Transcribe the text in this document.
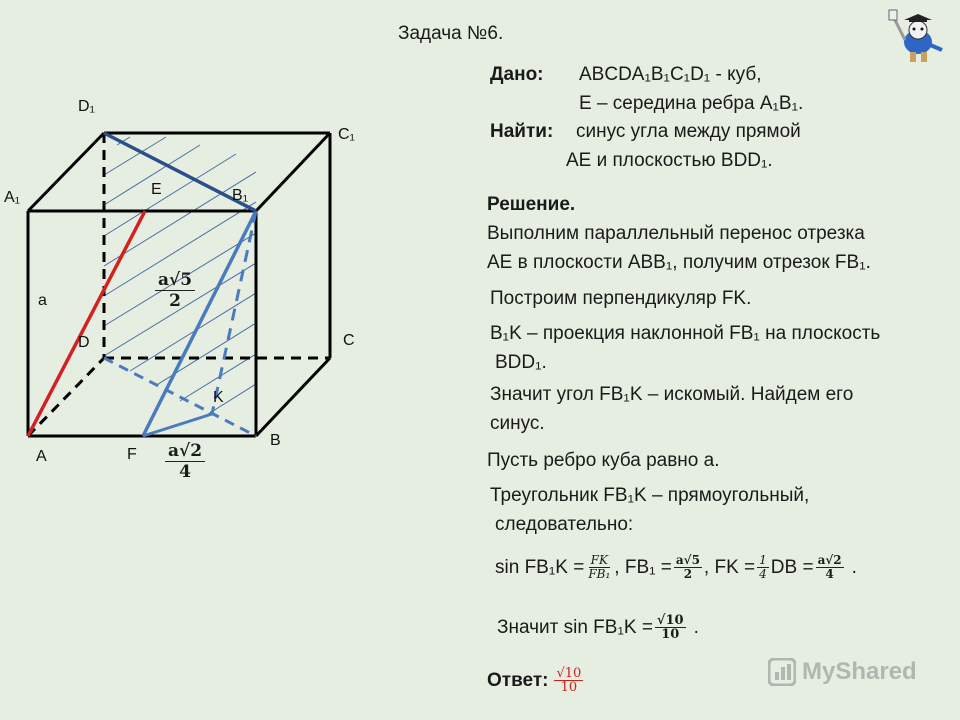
D₁
C₁
A₁	E	B₁
a
D	C
K
B
A	F
$\frac{a√5}{2}$
$\frac{a√2}{4}$
Задача №6.
Дано: ABCDA₁B₁C₁D₁ - куб,
E – середина ребра A₁B₁.
Найти: синус угла между прямой
AE и плоскостью BDD₁.
Решение.
Выполним параллельный перенос отрезка
AE в плоскости ABB₁, получим отрезок FB₁.
Построим перпендикуляр FK.
B₁K – проекция наклонной FB₁ на плоскость
BDD₁.
Значит угол FB₁K – искомый. Найдем его
синус.
Пусть ребро куба равно а.
Треугольник FB₁K – прямоугольный,
следовательно:
$\sin FB_1K = \frac{FK}{\text{FB₁}}$ , $FB_1 = \frac{a√5}{2}$ , FK = $\frac{1}{4}$ DB = $\frac{a√2}{4}$ .
Значит $\sin FB_1K = \frac{√10}{10}$ .
Ответ: $\frac{√10}{10}$	MyShared
